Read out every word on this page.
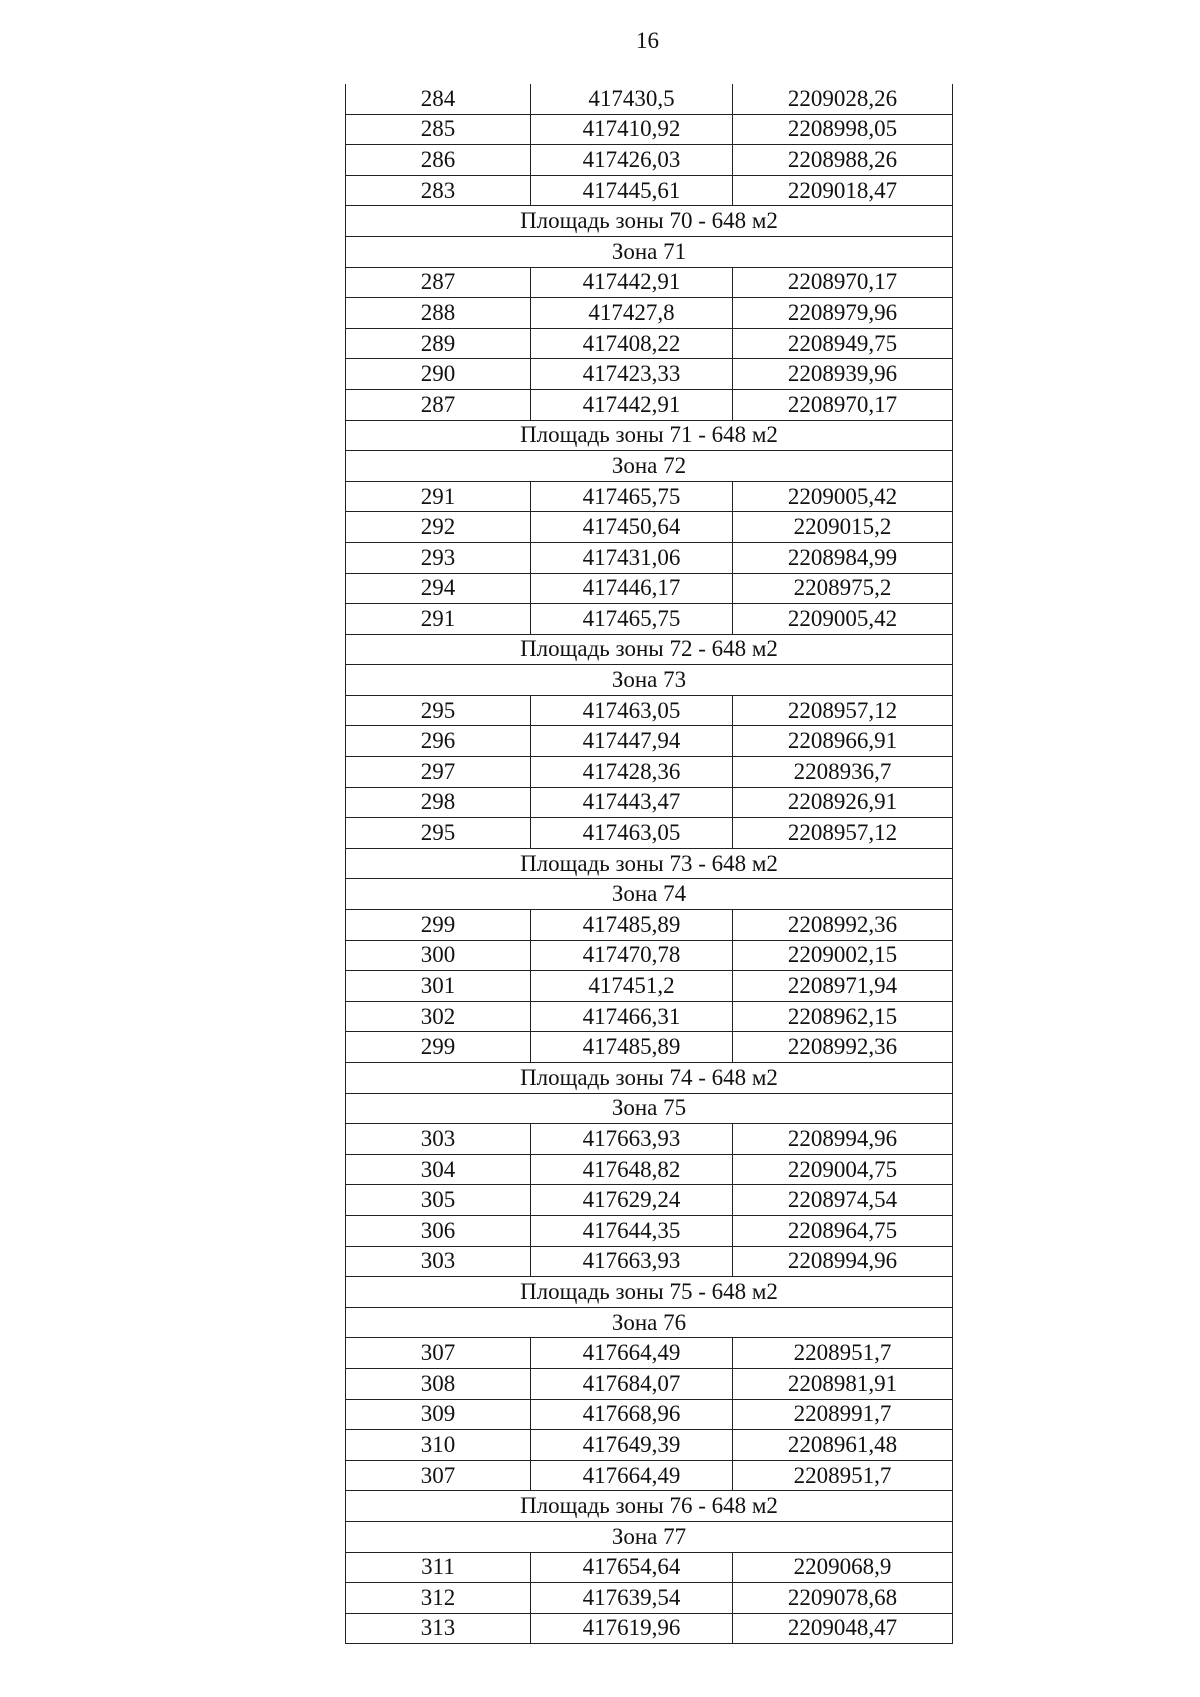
16
284	417430,5	2209028,26
285	417410,92	2208998,05
286	417426,03	2208988,26
283	417445,61	2209018,47
Площадь зоны 70 - 648 м2		
Зона 71		
287	417442,91	2208970,17
288	417427,8	2208979,96
289	417408,22	2208949,75
290	417423,33	2208939,96
287	417442,91	2208970,17
Площадь зоны 71 - 648 м2		
Зона 72		
291	417465,75	2209005,42
292	417450,64	2209015,2
293	417431,06	2208984,99
294	417446,17	2208975,2
291	417465,75	2209005,42
Площадь зоны 72 - 648 м2		
Зона 73		
295	417463,05	2208957,12
296	417447,94	2208966,91
297	417428,36	2208936,7
298	417443,47	2208926,91
295	417463,05	2208957,12
Площадь зоны 73 - 648 м2		
Зона 74		
299	417485,89	2208992,36
300	417470,78	2209002,15
301	417451,2	2208971,94
302	417466,31	2208962,15
299	417485,89	2208992,36
Площадь зоны 74 - 648 м2		
Зона 75		
303	417663,93	2208994,96
304	417648,82	2209004,75
305	417629,24	2208974,54
306	417644,35	2208964,75
303	417663,93	2208994,96
Площадь зоны 75 - 648 м2		
Зона 76		
307	417664,49	2208951,7
308	417684,07	2208981,91
309	417668,96	2208991,7
310	417649,39	2208961,48
307	417664,49	2208951,7
Площадь зоны 76 - 648 м2		
Зона 77		
311	417654,64	2209068,9
312	417639,54	2209078,68
313	417619,96	2209048,47
